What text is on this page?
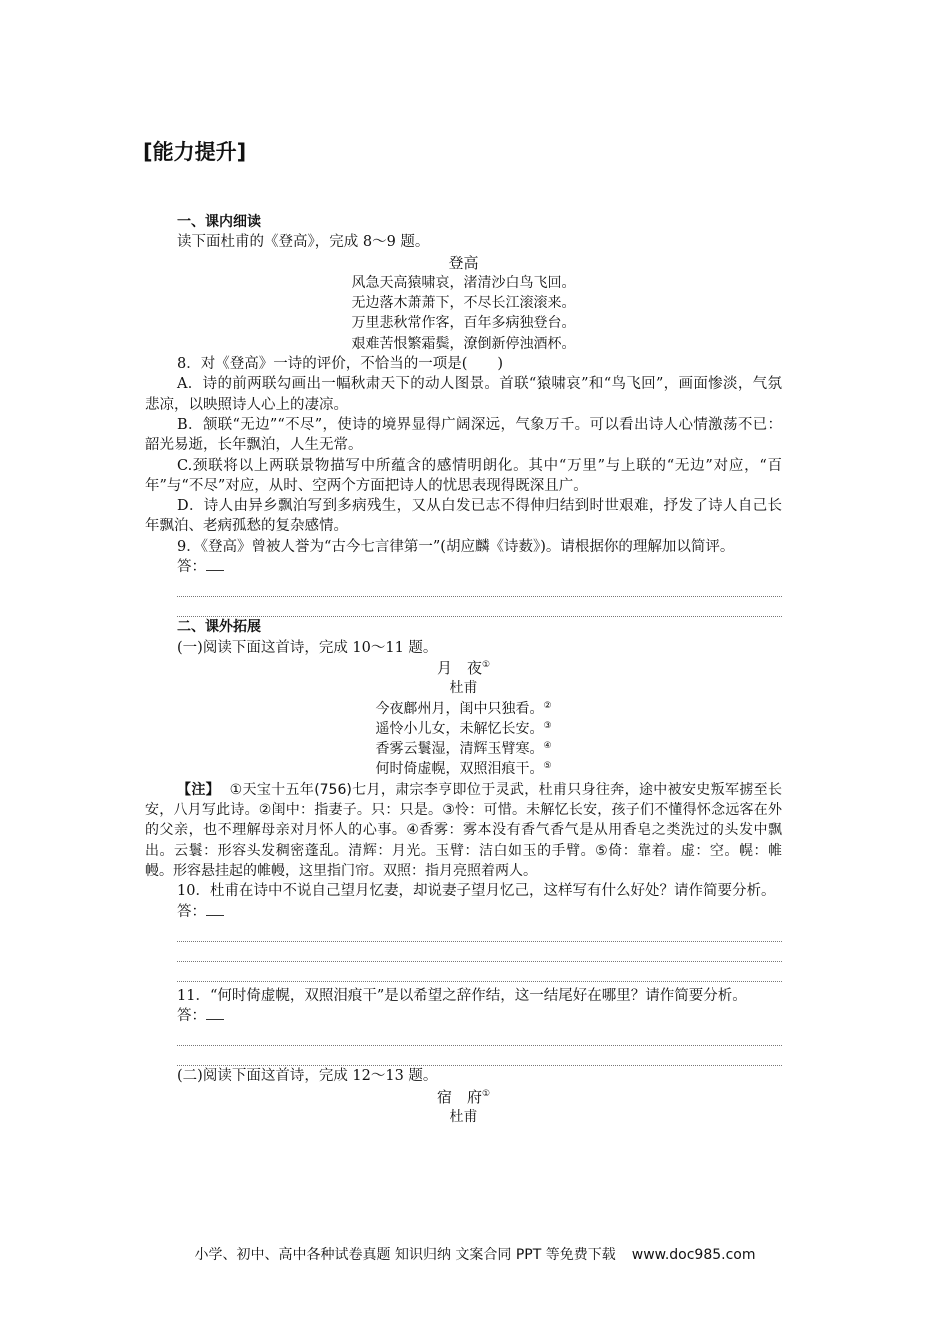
[能力提升]
一、课内细读
读下面杜甫的《登高》，完成 8～9 题。
登高
风急天高猿啸哀，渚清沙白鸟飞回。
无边落木萧萧下，不尽长江滚滚来。
万里悲秋常作客，百年多病独登台。
艰难苦恨繁霜鬓，潦倒新停浊酒杯。
8．对《登高》一诗的评价，不恰当的一项是( )
A．诗的前两联勾画出一幅秋肃天下的动人图景。首联“猿啸哀”和“鸟飞回”，画面惨淡，气氛悲凉，以映照诗人心上的凄凉。
B．颔联“无边”“不尽”，使诗的境界显得广阔深远，气象万千。可以看出诗人心情激荡不已：韶光易逝，长年飘泊，人生无常。
C.颈联将以上两联景物描写中所蕴含的感情明朗化。其中“万里”与上联的“无边”对应，“百年”与“不尽”对应，从时、空两个方面把诗人的忧思表现得既深且广。
D．诗人由异乡飘泊写到多病残生，又从白发已志不得伸归结到时世艰难，抒发了诗人自己长年飘泊、老病孤愁的复杂感情。
9．《登高》曾被人誉为“古今七言律第一”(胡应麟《诗薮》)。请根据你的理解加以简评。
答：
二、课外拓展
(一)阅读下面这首诗，完成 10～11 题。
月　夜①
杜甫
今夜鄜州月，闺中只独看。②
遥怜小儿女，未解忆长安。③
香雾云鬟湿，清辉玉臂寒。④
何时倚虚幌，双照泪痕干。⑤
【注】 ①天宝十五年(756)七月，肃宗李亨即位于灵武，杜甫只身往奔，途中被安史叛军掳至长安，八月写此诗。②闺中：指妻子。只：只是。③怜：可惜。未解忆长安，孩子们不懂得怀念远客在外的父亲，也不理解母亲对月怀人的心事。④香雾：雾本没有香气香气是从用香皂之类洗过的头发中飘出。云鬟：形容头发稠密蓬乱。清辉：月光。玉臂：洁白如玉的手臂。⑤倚：靠着。虚：空。幌：帷幔。形容悬挂起的帷幔，这里指门帘。双照：指月亮照着两人。
10．杜甫在诗中不说自己望月忆妻，却说妻子望月忆己，这样写有什么好处？请作简要分析。
答：
11．“何时倚虚幌，双照泪痕干”是以希望之辞作结，这一结尾好在哪里？请作简要分析。
答：
(二)阅读下面这首诗，完成 12～13 题。
宿　府①
杜甫
小学、初中、高中各种试卷真题 知识归纳 文案合同 PPT 等免费下载 www.doc985.com
